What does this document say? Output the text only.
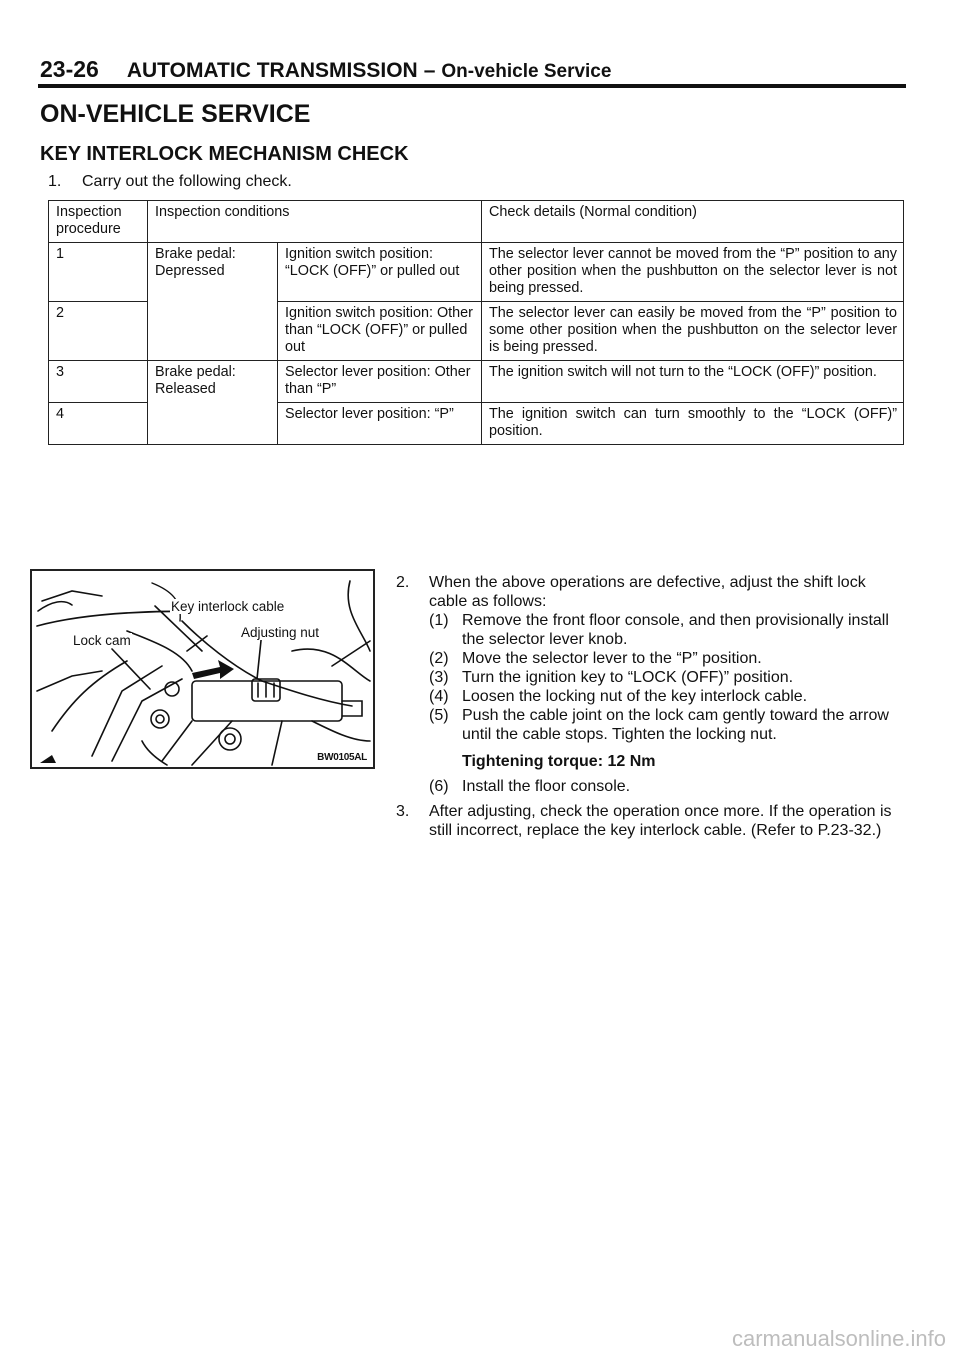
23-26 AUTOMATIC TRANSMISSION – On-vehicle Service
ON-VEHICLE SERVICE
KEY INTERLOCK MECHANISM CHECK
1. Carry out the following check.
Inspection procedure	Inspection conditions		Check details (Normal condition)
1	Brake pedal: Depressed	Ignition switch position: “LOCK (OFF)” or pulled out	The selector lever cannot be moved from the “P” position to any other position when the pushbutton on the selector lever is not being pressed.
2		Ignition switch position: Other than “LOCK (OFF)” or pulled out	The selector lever can easily be moved from the “P” position to some other position when the pushbutton on the selector lever is being pressed.
3	Brake pedal: Released	Selector lever position: Other than “P”	The ignition switch will not turn to the “LOCK (OFF)” position.
4		Selector lever position: “P”	The ignition switch can turn smoothly to the “LOCK (OFF)” position.
Key interlock cable
Lock cam
Adjusting nut
BW0105AL
2.	When the above operations are defective, adjust the shift lock cable as follows:
(1) Remove the front floor console, and then provisionally install the selector lever knob.
(2) Move the selector lever to the “P” position.
(3) Turn the ignition key to “LOCK (OFF)” position.
(4) Loosen the locking nut of the key interlock cable.
(5) Push the cable joint on the lock cam gently toward the arrow until the cable stops. Tighten the locking nut.
Tightening torque: 12 Nm
(6) Install the floor console.
3.	After adjusting, check the operation once more. If the operation is still incorrect, replace the key interlock cable. (Refer to P.23-32.)
carmanualsonline.info
